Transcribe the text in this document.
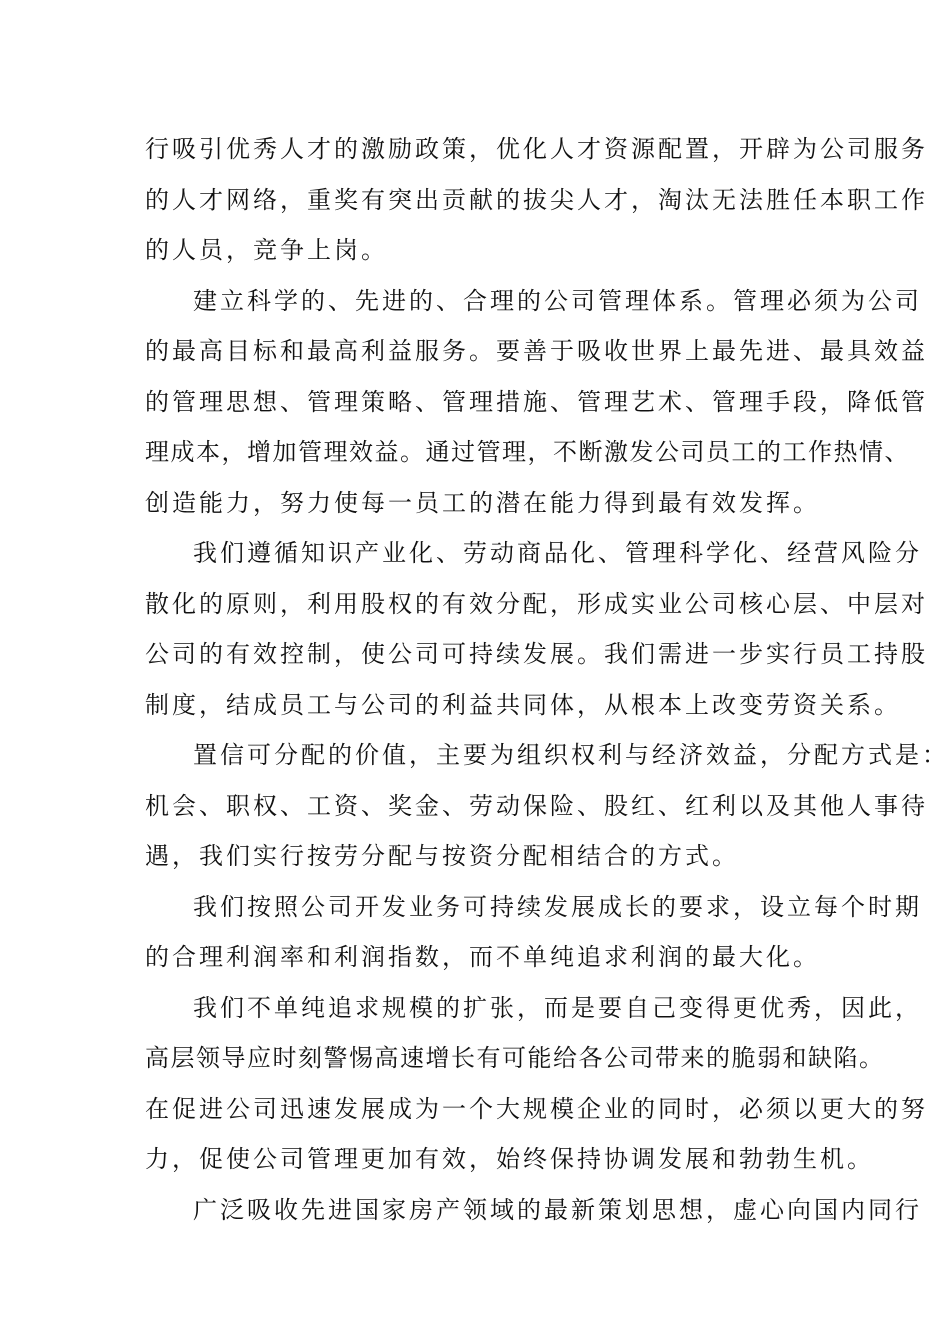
行吸引优秀人才的激励政策，优化人才资源配置，开辟为公司服务
的人才网络，重奖有突出贡献的拔尖人才，淘汰无法胜任本职工作
的人员，竞争上岗。
建立科学的、先进的、合理的公司管理体系。管理必须为公司
的最高目标和最高利益服务。要善于吸收世界上最先进、最具效益
的管理思想、管理策略、管理措施、管理艺术、管理手段，降低管
理成本，增加管理效益。通过管理，不断激发公司员工的工作热情、
创造能力，努力使每一员工的潜在能力得到最有效发挥。
我们遵循知识产业化、劳动商品化、管理科学化、经营风险分
散化的原则，利用股权的有效分配，形成实业公司核心层、中层对
公司的有效控制，使公司可持续发展。我们需进一步实行员工持股
制度，结成员工与公司的利益共同体，从根本上改变劳资关系。
置信可分配的价值，主要为组织权利与经济效益，分配方式是：
机会、职权、工资、奖金、劳动保险、股红、红利以及其他人事待
遇，我们实行按劳分配与按资分配相结合的方式。
我们按照公司开发业务可持续发展成长的要求，设立每个时期
的合理利润率和利润指数，而不单纯追求利润的最大化。
我们不单纯追求规模的扩张，而是要自己变得更优秀，因此，
高层领导应时刻警惕高速增长有可能给各公司带来的脆弱和缺陷。
在促进公司迅速发展成为一个大规模企业的同时，必须以更大的努
力，促使公司管理更加有效，始终保持协调发展和勃勃生机。
广泛吸收先进国家房产领域的最新策划思想，虚心向国内同行
